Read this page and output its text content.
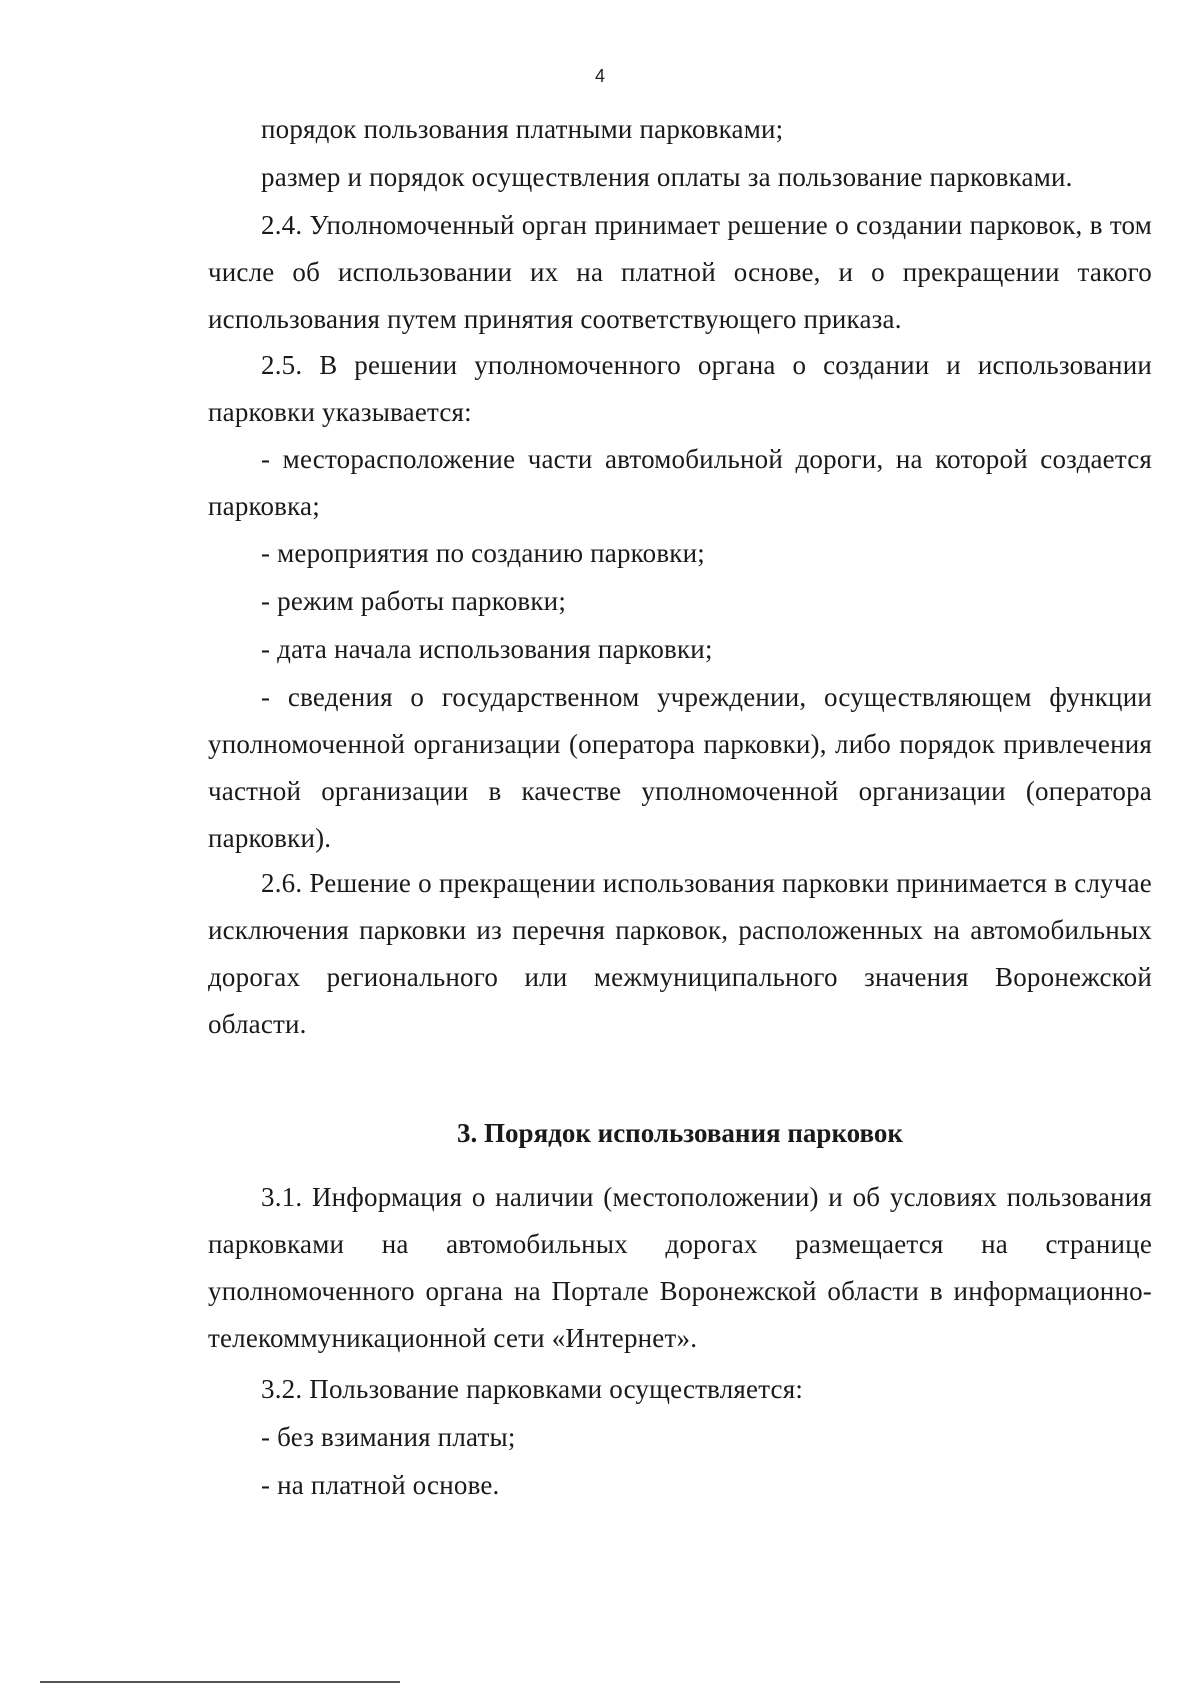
4

порядок пользования платными парковками;

размер и порядок осуществления оплаты за пользование парковками.

2.4. Уполномоченный орган принимает решение о создании парковок, в том числе об использовании их на платной основе, и о прекращении такого использования путем принятия соответствующего приказа.

2.5. В решении уполномоченного органа о создании и использовании парковки указывается:

- месторасположение части автомобильной дороги, на которой создается парковка;

- мероприятия по созданию парковки;

- режим работы парковки;

- дата начала использования парковки;

- сведения о государственном учреждении, осуществляющем функции уполномоченной организации (оператора парковки), либо порядок привлечения частной организации в качестве уполномоченной организации (оператора парковки).

2.6. Решение о прекращении использования парковки принимается в случае исключения парковки из перечня парковок, расположенных на автомобильных дорогах регионального или межмуниципального значения Воронежской области.

3. Порядок использования парковок

3.1. Информация о наличии (местоположении) и об условиях пользования парковками на автомобильных дорогах размещается на странице уполномоченного органа на Портале Воронежской области в информационно-телекоммуникационной сети «Интернет».

3.2. Пользование парковками осуществляется:

- без взимания платы;

- на платной основе.
